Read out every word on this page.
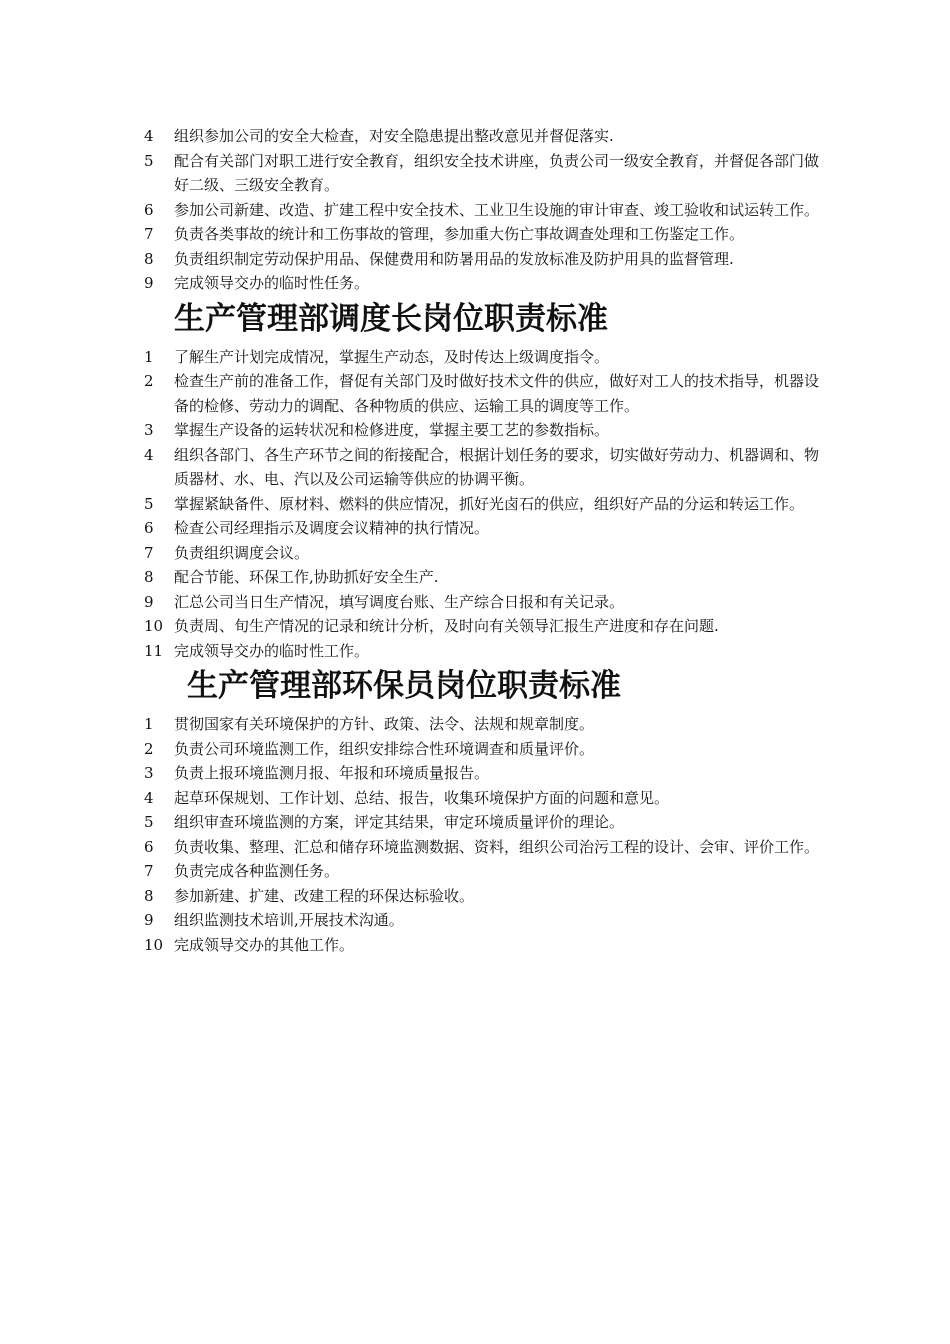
4	组织参加公司的安全大检查，对安全隐患提出整改意见并督促落实.
5	配合有关部门对职工进行安全教育，组织安全技术讲座，负责公司一级安全教育，并督促各部门做好二级、三级安全教育。
6	参加公司新建、改造、扩建工程中安全技术、工业卫生设施的审计审查、竣工验收和试运转工作。
7	负责各类事故的统计和工伤事故的管理，参加重大伤亡事故调查处理和工伤鉴定工作。
8	负责组织制定劳动保护用品、保健费用和防暑用品的发放标准及防护用具的监督管理.
9	完成领导交办的临时性任务。
生产管理部调度长岗位职责标准
1	了解生产计划完成情况，掌握生产动态，及时传达上级调度指令。
2	检查生产前的准备工作，督促有关部门及时做好技术文件的供应，做好对工人的技术指导，机器设备的检修、劳动力的调配、各种物质的供应、运输工具的调度等工作。
3	掌握生产设备的运转状况和检修进度，掌握主要工艺的参数指标。
4	组织各部门、各生产环节之间的衔接配合，根据计划任务的要求，切实做好劳动力、机器调和、物质器材、水、电、汽以及公司运输等供应的协调平衡。
5	掌握紧缺备件、原材料、燃料的供应情况，抓好光卤石的供应，组织好产品的分运和转运工作。
6	检查公司经理指示及调度会议精神的执行情况。
7	负责组织调度会议。
8	配合节能、环保工作,协助抓好安全生产.
9	汇总公司当日生产情况，填写调度台账、生产综合日报和有关记录。
10 负责周、旬生产情况的记录和统计分析，及时向有关领导汇报生产进度和存在问题.
11 完成领导交办的临时性工作。
生产管理部环保员岗位职责标准
1	贯彻国家有关环境保护的方针、政策、法令、法规和规章制度。
2	负责公司环境监测工作，组织安排综合性环境调查和质量评价。
3	负责上报环境监测月报、年报和环境质量报告。
4	起草环保规划、工作计划、总结、报告，收集环境保护方面的问题和意见。
5	组织审查环境监测的方案，评定其结果，审定环境质量评价的理论。
6	负责收集、整理、汇总和储存环境监测数据、资料，组织公司治污工程的设计、会审、评价工作。
7	负责完成各种监测任务。
8	参加新建、扩建、改建工程的环保达标验收。
9	组织监测技术培训,开展技术沟通。
10 完成领导交办的其他工作。
